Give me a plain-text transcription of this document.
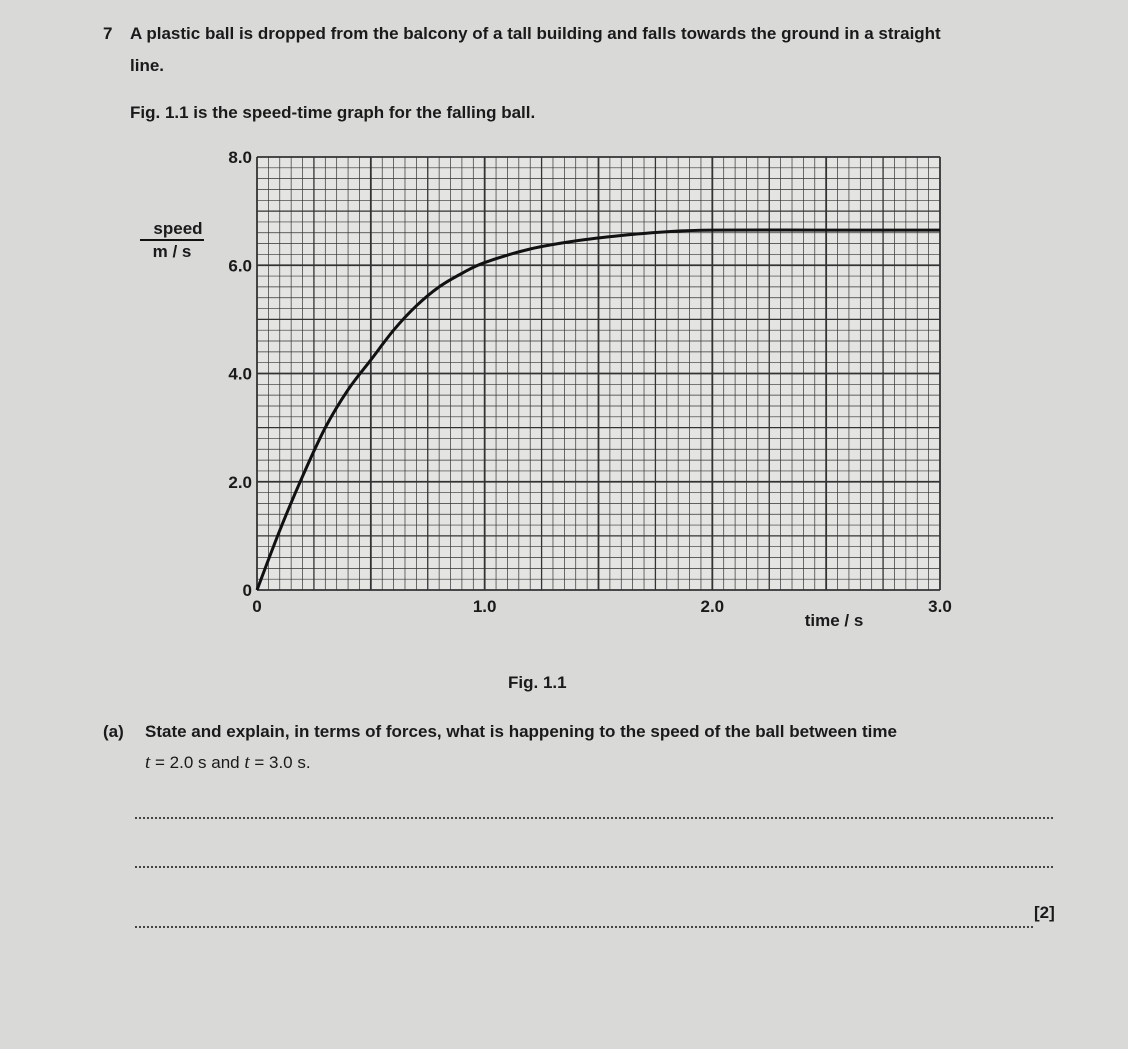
7 A plastic ball is dropped from the balcony of a tall building and falls towards the ground in a straight
line.
Fig. 1.1 is the speed-time graph for the falling ball.
0
2.0
4.0
6.0
8.0
0	1.0	2.0	3.0
speed
m / s
time / s
Fig. 1.1
(a) State and explain, in terms of forces, what is happening to the speed of the ball between time
t = 2.0 s and t = 3.0 s.
[2]
